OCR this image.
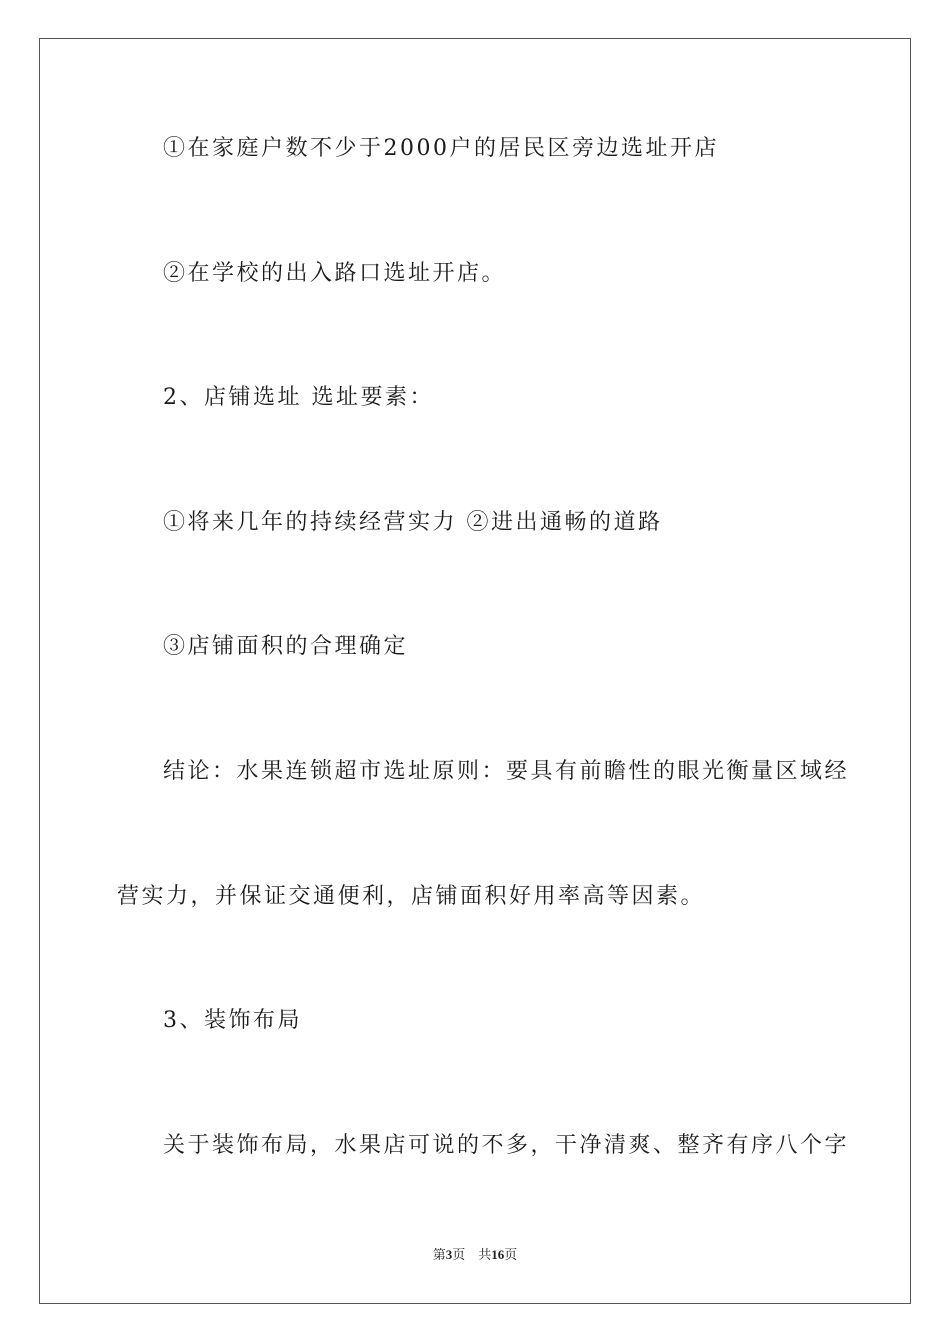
①在家庭户数不少于2000户的居民区旁边选址开店
②在学校的出入路口选址开店。
2、店铺选址 选址要素：
①将来几年的持续经营实力 ②进出通畅的道路
③店铺面积的合理确定
结论：水果连锁超市选址原则：要具有前瞻性的眼光衡量区域经
营实力，并保证交通便利，店铺面积好用率高等因素。
3、装饰布局
关于装饰布局，水果店可说的不多，干净清爽、整齐有序八个字
第3页 共16页
